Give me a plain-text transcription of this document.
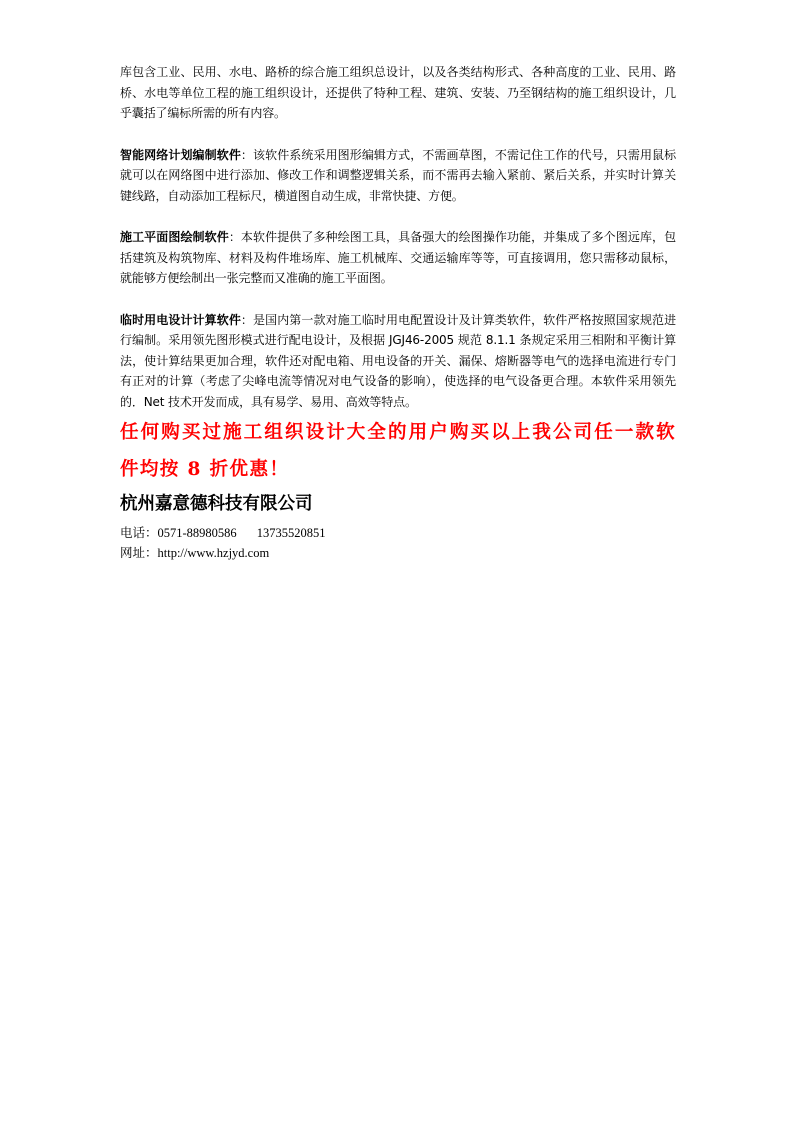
库包含工业、民用、水电、路桥的综合施工组织总设计，以及各类结构形式、各种高度的工业、民用、路桥、水电等单位工程的施工组织设计，还提供了特种工程、建筑、安装、乃至钢结构的施工组织设计，几乎囊括了编标所需的所有内容。

智能网络计划编制软件：该软件系统采用图形编辑方式，不需画草图，不需记住工作的代号，只需用鼠标就可以在网络图中进行添加、修改工作和调整逻辑关系，而不需再去输入紧前、紧后关系，并实时计算关键线路，自动添加工程标尺，横道图自动生成，非常快捷、方便。

施工平面图绘制软件：本软件提供了多种绘图工具，具备强大的绘图操作功能，并集成了多个图远库，包括建筑及构筑物库、材料及构件堆场库、施工机械库、交通运输库等等，可直接调用，您只需移动鼠标，就能够方便绘制出一张完整而又准确的施工平面图。

临时用电设计计算软件：是国内第一款对施工临时用电配置设计及计算类软件，软件严格按照国家规范进行编制。采用领先图形模式进行配电设计，及根据 JGJ46-2005 规范 8.1.1 条规定采用三相附和平衡计算法，使计算结果更加合理，软件还对配电箱、用电设备的开关、漏保、熔断器等电气的选择电流进行专门有正对的计算（考虑了尖峰电流等情况对电气设备的影响），使选择的电气设备更合理。本软件采用领先的．Net 技术开发而成，具有易学、易用、高效等特点。

任何购买过施工组织设计大全的用户购买以上我公司任一款软件均按 8 折优惠！

杭州嘉意德科技有限公司

电话：0571-88980586 13735520851

网址：http://www.hzjyd.com
